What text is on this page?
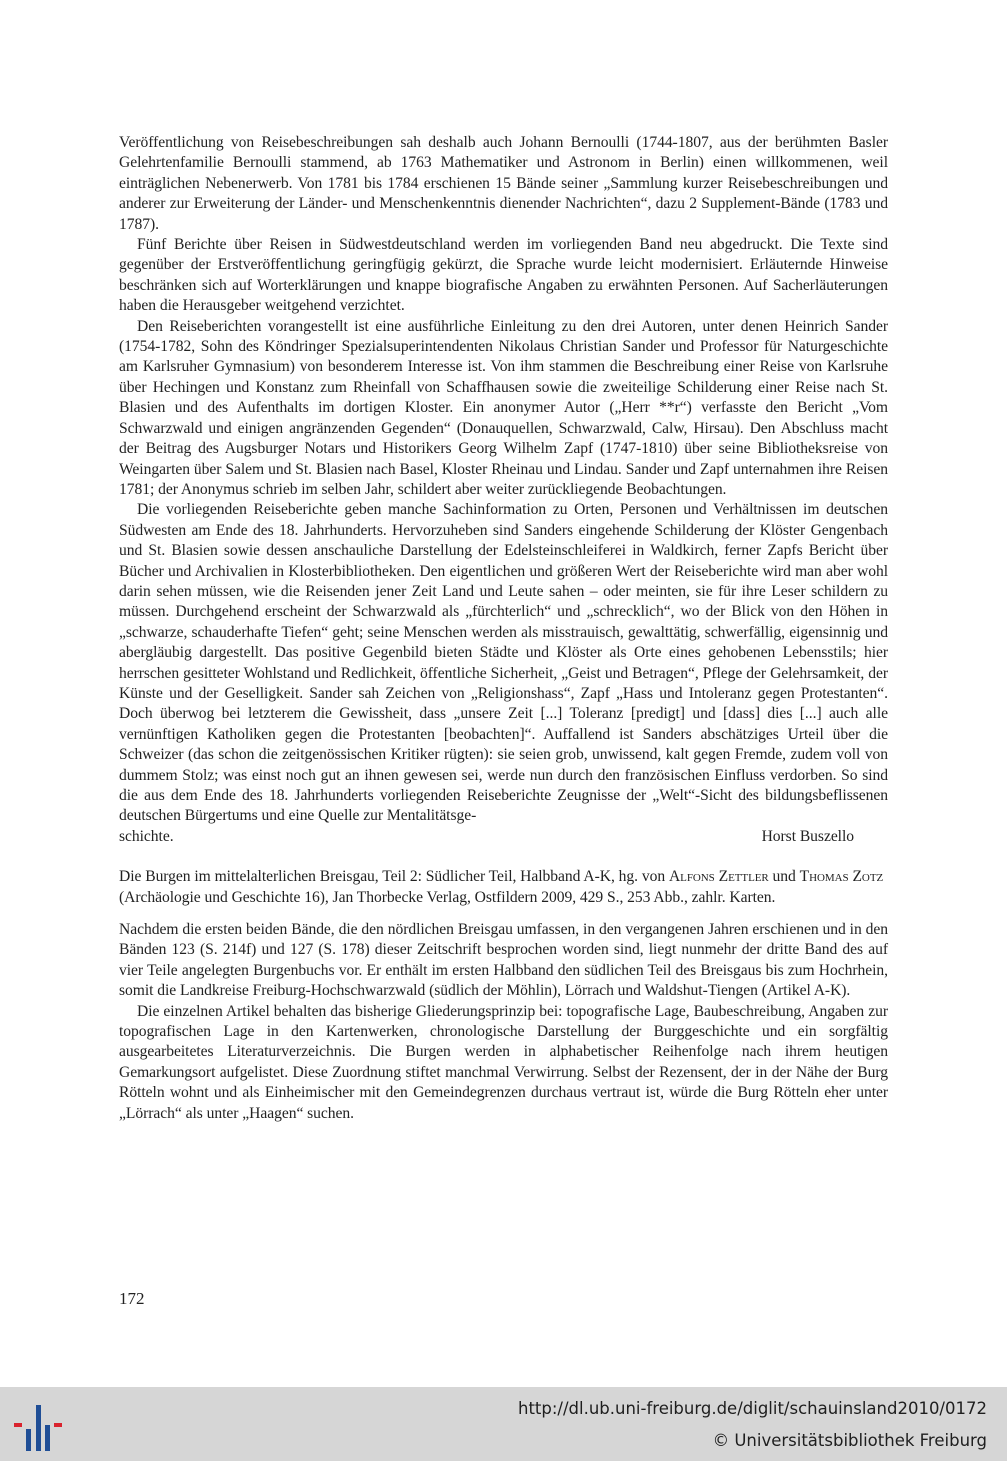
Veröffentlichung von Reisebeschreibungen sah deshalb auch Johann Bernoulli (1744-1807, aus der berühmten Basler Gelehrtenfamilie Bernoulli stammend, ab 1763 Mathematiker und Astronom in Berlin) einen willkommenen, weil einträglichen Nebenerwerb. Von 1781 bis 1784 erschienen 15 Bände seiner „Sammlung kurzer Reisebeschreibungen und anderer zur Erweiterung der Länder- und Menschenkenntnis dienender Nachrichten“, dazu 2 Supplement-Bände (1783 und 1787).

Fünf Berichte über Reisen in Südwestdeutschland werden im vorliegenden Band neu abgedruckt. Die Texte sind gegenüber der Erstveröffentlichung geringfügig gekürzt, die Sprache wurde leicht modernisiert. Erläuternde Hinweise beschränken sich auf Worterklärungen und knappe biografische Angaben zu erwähnten Personen. Auf Sacherläuterungen haben die Herausgeber weitgehend verzichtet.

Den Reiseberichten vorangestellt ist eine ausführliche Einleitung zu den drei Autoren, unter denen Heinrich Sander (1754-1782, Sohn des Köndringer Spezialsuperintendenten Nikolaus Christian Sander und Professor für Naturgeschichte am Karlsruher Gymnasium) von besonderem Interesse ist. Von ihm stammen die Beschreibung einer Reise von Karlsruhe über Hechingen und Konstanz zum Rheinfall von Schaffhausen sowie die zweiteilige Schilderung einer Reise nach St. Blasien und des Aufenthalts im dortigen Kloster. Ein anonymer Autor („Herr **r“) verfasste den Bericht „Vom Schwarzwald und einigen angränzenden Gegenden“ (Donauquellen, Schwarzwald, Calw, Hirsau). Den Abschluss macht der Beitrag des Augsburger Notars und Historikers Georg Wilhelm Zapf (1747-1810) über seine Bibliotheksreise von Weingarten über Salem und St. Blasien nach Basel, Kloster Rheinau und Lindau. Sander und Zapf unternahmen ihre Reisen 1781; der Anonymus schrieb im selben Jahr, schildert aber weiter zurückliegende Beobachtungen.

Die vorliegenden Reiseberichte geben manche Sachinformation zu Orten, Personen und Verhältnissen im deutschen Südwesten am Ende des 18. Jahrhunderts. Hervorzuheben sind Sanders eingehende Schilderung der Klöster Gengenbach und St. Blasien sowie dessen anschauliche Darstellung der Edelsteinschleiferei in Waldkirch, ferner Zapfs Bericht über Bücher und Archivalien in Klosterbibliotheken. Den eigentlichen und größeren Wert der Reiseberichte wird man aber wohl darin sehen müssen, wie die Reisenden jener Zeit Land und Leute sahen – oder meinten, sie für ihre Leser schildern zu müssen. Durchgehend erscheint der Schwarzwald als „fürchterlich“ und „schrecklich“, wo der Blick von den Höhen in „schwarze, schauderhafte Tiefen“ geht; seine Menschen werden als misstrauisch, gewalttätig, schwerfällig, eigensinnig und abergläubig dargestellt. Das positive Gegenbild bieten Städte und Klöster als Orte eines gehobenen Lebensstils; hier herrschen gesitteter Wohlstand und Redlichkeit, öffentliche Sicherheit, „Geist und Betragen“, Pflege der Gelehrsamkeit, der Künste und der Geselligkeit. Sander sah Zeichen von „Religionshass“, Zapf „Hass und Intoleranz gegen Protestanten“. Doch überwog bei letzterem die Gewissheit, dass „unsere Zeit [...] Toleranz [predigt] und [dass] dies [...] auch alle vernünftigen Katholiken gegen die Protestanten [beobachten]“. Auffallend ist Sanders abschätziges Urteil über die Schweizer (das schon die zeitgenössischen Kritiker rügten): sie seien grob, unwissend, kalt gegen Fremde, zudem voll von dummem Stolz; was einst noch gut an ihnen gewesen sei, werde nun durch den französischen Einfluss verdorben. So sind die aus dem Ende des 18. Jahrhunderts vorliegenden Reiseberichte Zeugnisse der „Welt“-Sicht des bildungsbeflissenen deutschen Bürgertums und eine Quelle zur Mentalitätsge-

schichte.	Horst Buszello

Die Burgen im mittelalterlichen Breisgau, Teil 2: Südlicher Teil, Halbband A-K, hg. von Alfons Zettler und Thomas Zotz (Archäologie und Geschichte 16), Jan Thorbecke Verlag, Ostfildern 2009, 429 S., 253 Abb., zahlr. Karten.

Nachdem die ersten beiden Bände, die den nördlichen Breisgau umfassen, in den vergangenen Jahren erschienen und in den Bänden 123 (S. 214f) und 127 (S. 178) dieser Zeitschrift besprochen worden sind, liegt nunmehr der dritte Band des auf vier Teile angelegten Burgenbuchs vor. Er enthält im ersten Halbband den südlichen Teil des Breisgaus bis zum Hochrhein, somit die Landkreise Freiburg-Hochschwarzwald (südlich der Möhlin), Lörrach und Waldshut-Tiengen (Artikel A-K).

Die einzelnen Artikel behalten das bisherige Gliederungsprinzip bei: topografische Lage, Baubeschreibung, Angaben zur topografischen Lage in den Kartenwerken, chronologische Darstellung der Burggeschichte und ein sorgfältig ausgearbeitetes Literaturverzeichnis. Die Burgen werden in alphabetischer Reihenfolge nach ihrem heutigen Gemarkungsort aufgelistet. Diese Zuordnung stiftet manchmal Verwirrung. Selbst der Rezensent, der in der Nähe der Burg Rötteln wohnt und als Einheimischer mit den Gemeindegrenzen durchaus vertraut ist, würde die Burg Rötteln eher unter „Lörrach“ als unter „Haagen“ suchen.

172
http://dl.ub.uni-freiburg.de/diglit/schauinsland2010/0172
© Universitätsbibliothek Freiburg
